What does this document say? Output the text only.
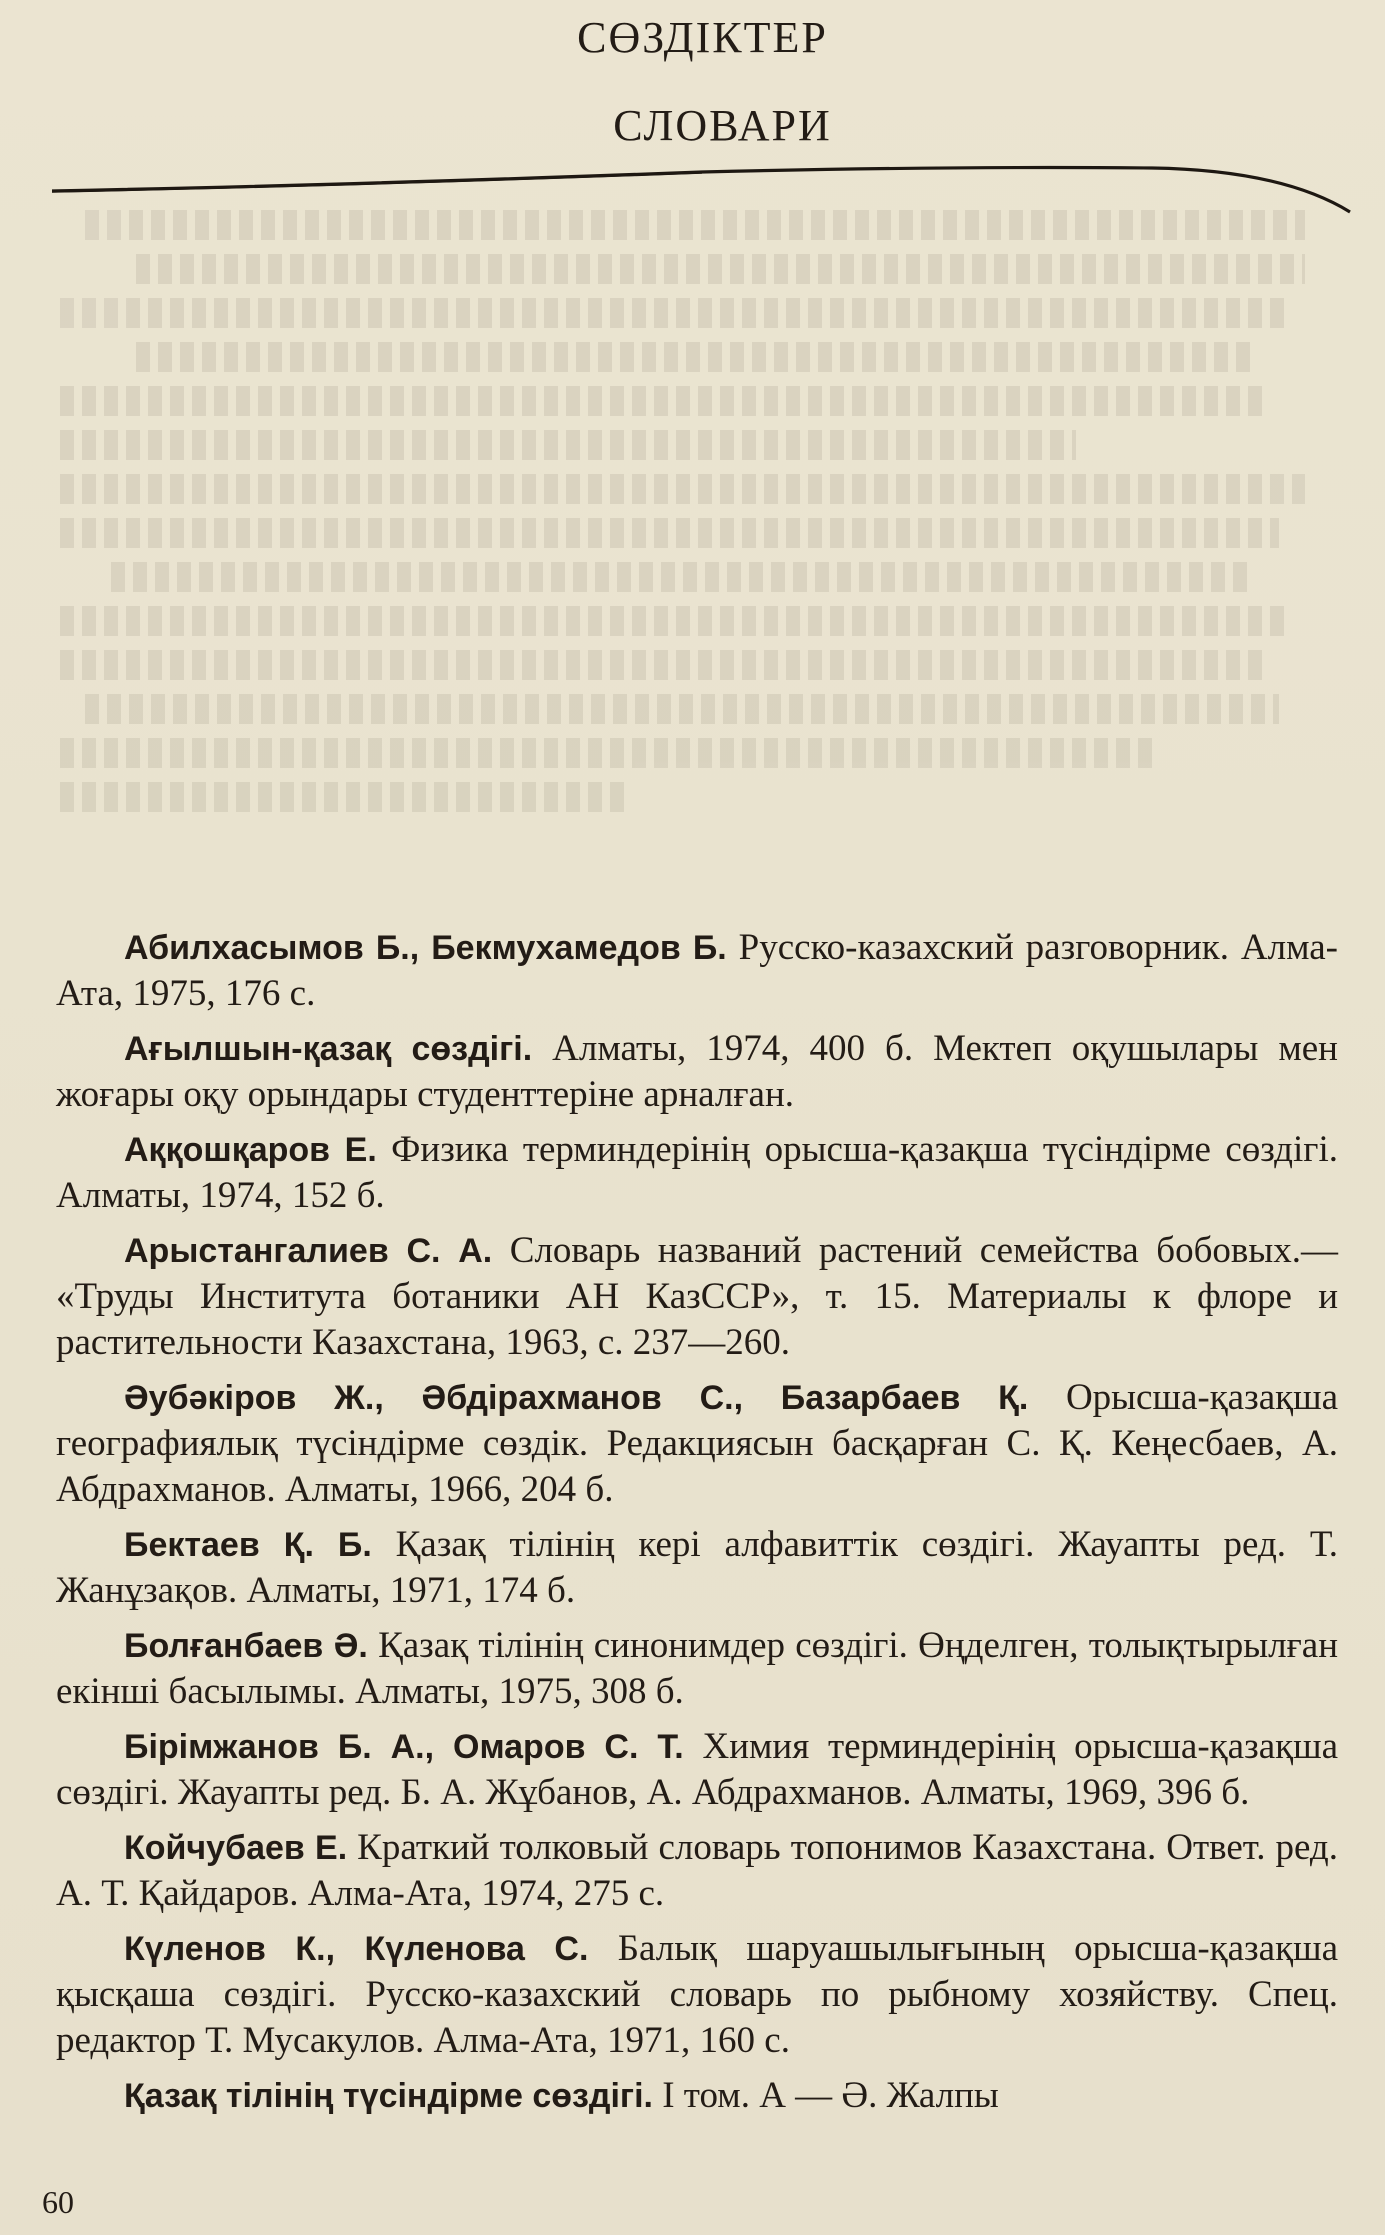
СӨЗДІКТЕР
СЛОВАРИ

Абилхасымов Б., Бекмухамедов Б. Русско-казахский разговорник. Алма-Ата, 1975, 176 с.

Ағылшын-қазақ сөздігі. Алматы, 1974, 400 б. Мектеп оқушылары мен жоғары оқу орындары студенттеріне арналған.

Аққошқаров Е. Физика терминдерінің орысша-қазақша түсіндірме сөздігі. Алматы, 1974, 152 б.

Арыстангалиев С. А. Словарь названий растений семейства бобовых.— «Труды Института ботаники АН КазССР», т. 15. Материалы к флоре и растительности Казахстана, 1963, с. 237—260.

Әубәкіров Ж., Әбдірахманов С., Базарбаев Қ. Орысша-қазақша географиялық түсіндірме сөздік. Редакциясын басқарған С. Қ. Кеңесбаев, А. Абдрахманов. Алматы, 1966, 204 б.

Бектаев Қ. Б. Қазақ тілінің кері алфавиттік сөздігі. Жауапты ред. Т. Жанұзақов. Алматы, 1971, 174 б.

Болғанбаев Ә. Қазақ тілінің синонимдер сөздігі. Өңделген, толықтырылған екінші басылымы. Алматы, 1975, 308 б.

Бірімжанов Б. А., Омаров С. Т. Химия терминдерінің орысша-қазақша сөздігі. Жауапты ред. Б. А. Жұбанов, А. Абдрахманов. Алматы, 1969, 396 б.

Койчубаев Е. Краткий толковый словарь топонимов Казахстана. Ответ. ред. А. Т. Қайдаров. Алма-Ата, 1974, 275 с.

Күленов К., Күленова С. Балық шаруашылығының орысша-қазақша қысқаша сөздігі. Русско-казахский словарь по рыбному хозяйству. Спец. редактор Т. Мусакулов. Алма-Ата, 1971, 160 с.

Қазақ тілінің түсіндірме сөздігі. I том. А — Ә. Жалпы

60
